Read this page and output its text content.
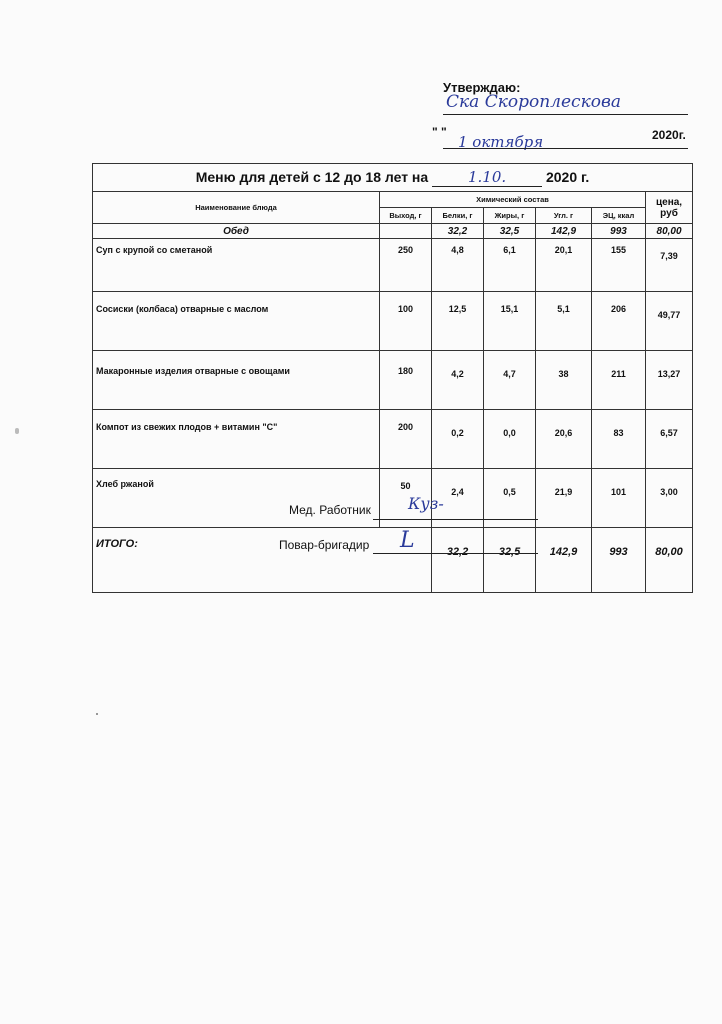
Утверждаю:
Ска Скороплескова
" "
1 октября	2020г.
Меню для детей с 12 до 18 лет на 1.10. 2020 г.						
Наименование блюда	Химический состав					цена, руб
	Выход, г	Белки, г	Жиры, г	Угл. г	ЭЦ, ккал	
Обед		32,2	32,5	142,9	993	80,00
Суп с крупой со сметаной	250	4,8	6,1	20,1	155	7,39
Сосиски (колбаса) отварные с маслом	100	12,5	15,1	5,1	206	49,77
Макаронные изделия отварные с овощами	180	4,2	4,7	38	211	13,27
Компот из свежих плодов + витамин "С"	200	0,2	0,0	20,6	83	6,57
Хлеб ржаной	50	2,4	0,5	21,9	101	3,00
ИТОГО:		32,2	32,5	142,9	993	80,00
Мед. Работник Куз-
Повар-бригадир L
